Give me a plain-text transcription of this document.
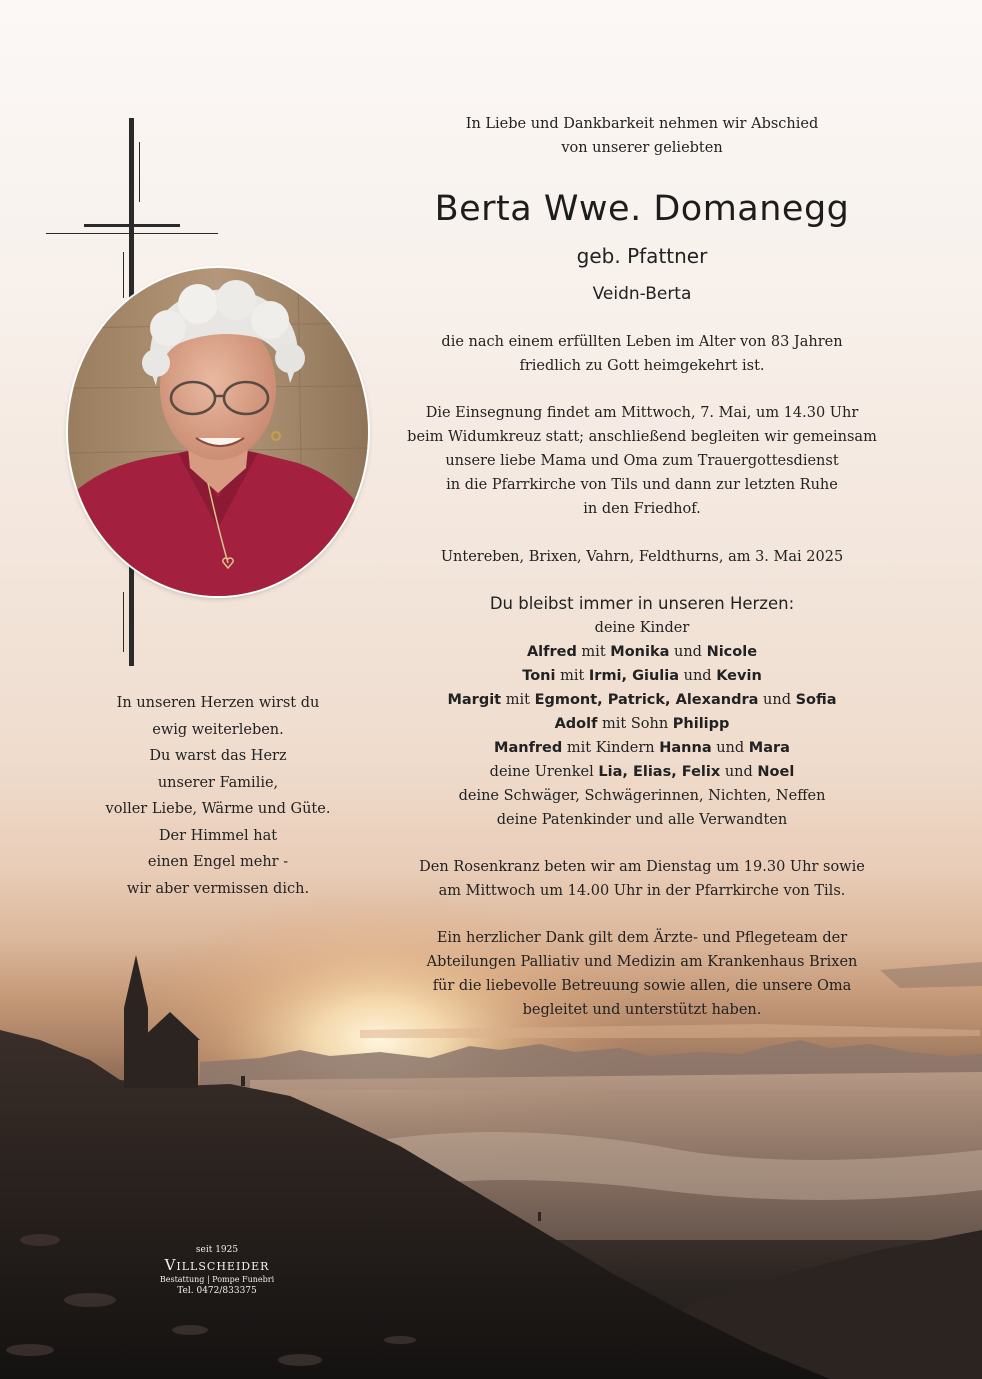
In Liebe und Dankbarkeit nehmen wir Abschied
von unserer geliebten
Berta Wwe. Domanegg
geb. Pfattner
Veidn-Berta
die nach einem erfüllten Leben im Alter von 83 Jahren
friedlich zu Gott heimgekehrt ist.
Die Einsegnung findet am Mittwoch, 7. Mai, um 14.30 Uhr
beim Widumkreuz statt; anschließend begleiten wir gemeinsam
unsere liebe Mama und Oma zum Trauergottesdienst
in die Pfarrkirche von Tils und dann zur letzten Ruhe
in den Friedhof.
Untereben, Brixen, Vahrn, Feldthurns, am 3. Mai 2025
Du bleibst immer in unseren Herzen:
deine Kinder
Alfred mit Monika und Nicole
Toni mit Irmi, Giulia und Kevin
Margit mit Egmont, Patrick, Alexandra und Sofia
Adolf mit Sohn Philipp
Manfred mit Kindern Hanna und Mara
deine Urenkel Lia, Elias, Felix und Noel
deine Schwäger, Schwägerinnen, Nichten, Neffen
deine Patenkinder und alle Verwandten
Den Rosenkranz beten wir am Dienstag um 19.30 Uhr sowie
am Mittwoch um 14.00 Uhr in der Pfarrkirche von Tils.
Ein herzlicher Dank gilt dem Ärzte- und Pflegeteam der
Abteilungen Palliativ und Medizin am Krankenhaus Brixen
für die liebevolle Betreuung sowie allen, die unsere Oma
begleitet und unterstützt haben.
In unseren Herzen wirst du
ewig weiterleben.
Du warst das Herz
unserer Familie,
voller Liebe, Wärme und Güte.
Der Himmel hat
einen Engel mehr -
wir aber vermissen dich.
seit 1925
Villscheider
Bestattung | Pompe Funebri
Tel. 0472/833375
